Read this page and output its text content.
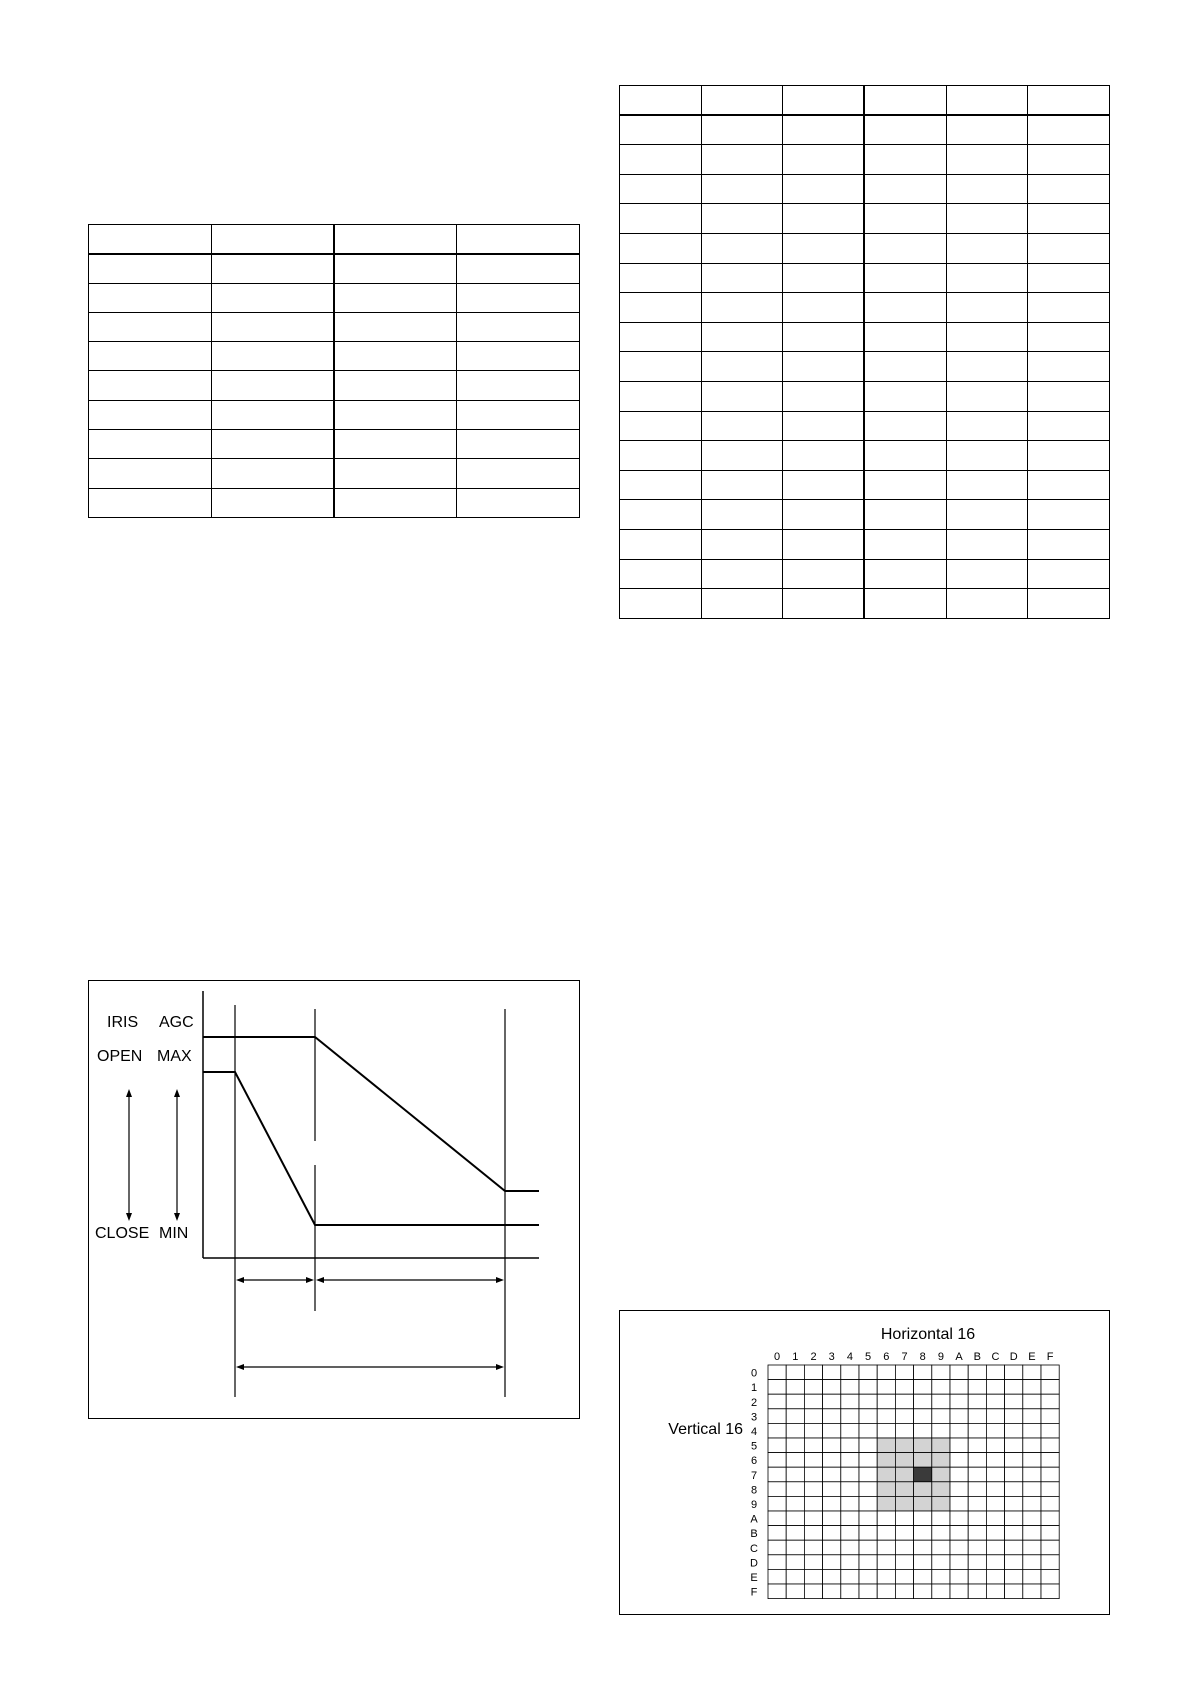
IRIS AGC
OPEN MAX
CLOSE MIN
Horizontal 16
Vertical 16
0 1 2 3 4 5 6 7 8 9 A B C D E F
0
1
2
3
4
5
6
7
8
9
A
B
C
D
E
F
